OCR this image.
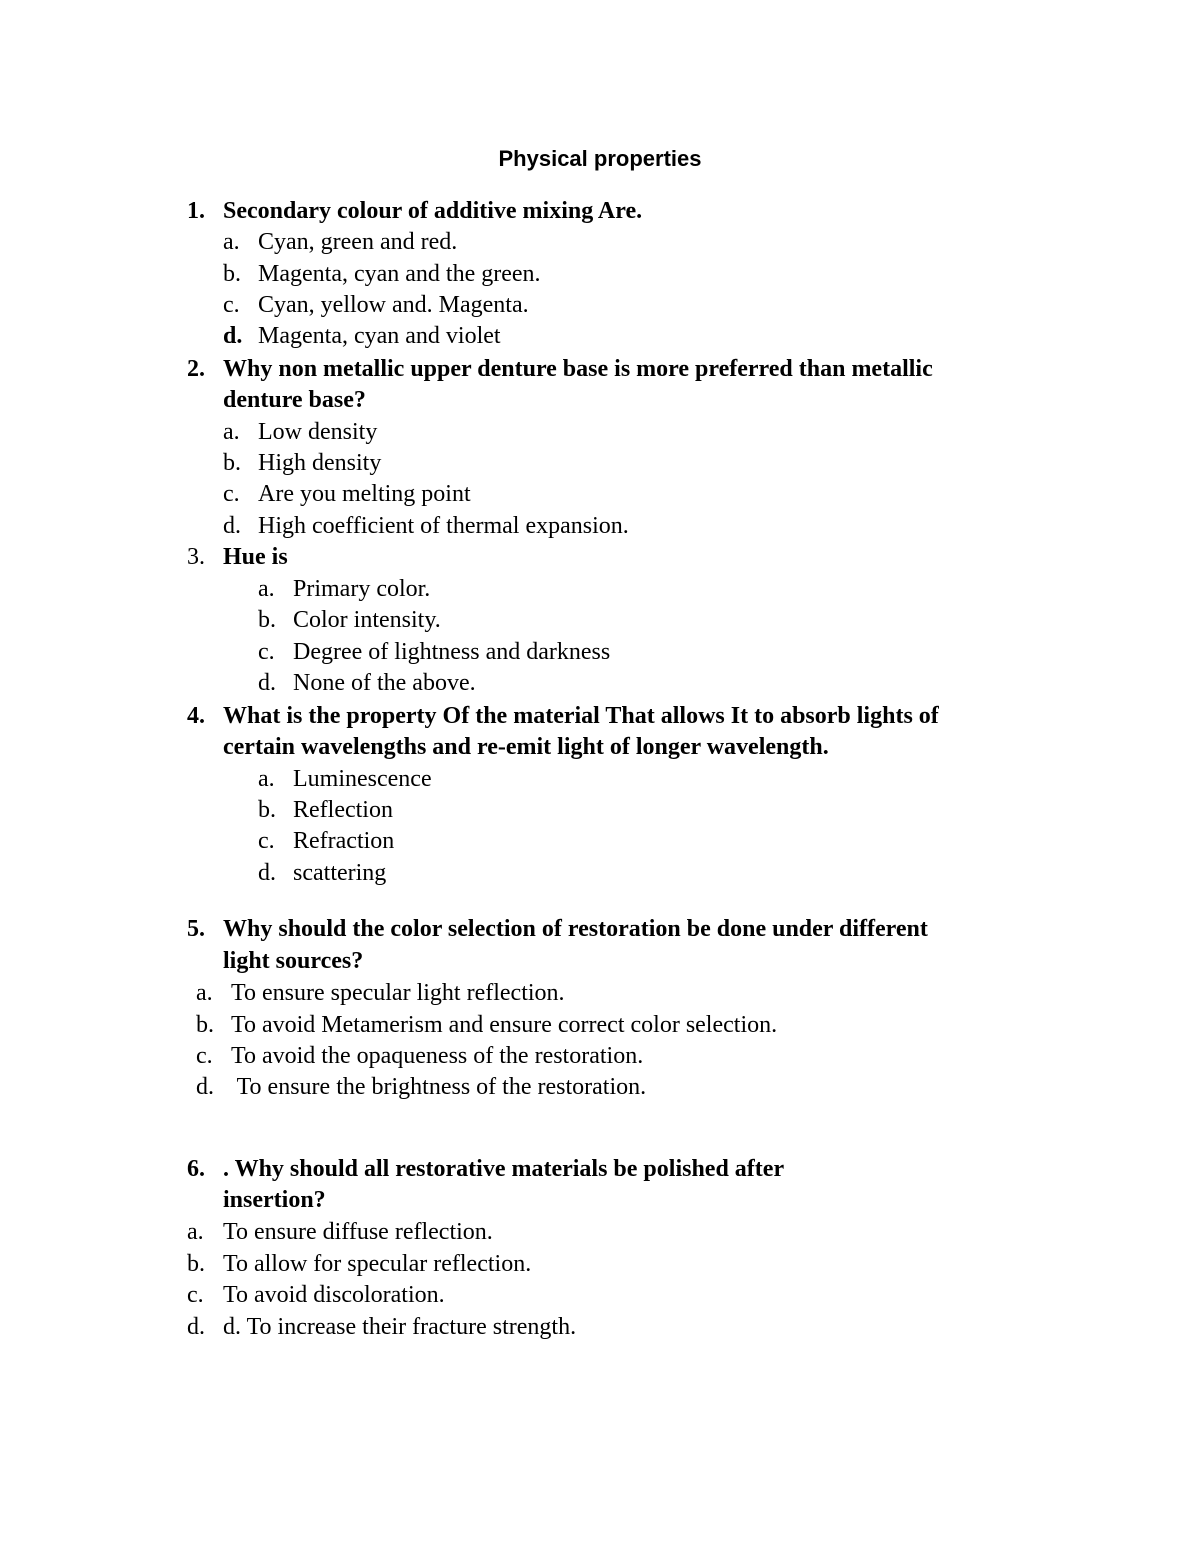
Physical properties
1. Secondary colour of additive mixing Are.
a. Cyan, green and red.
b. Magenta, cyan and the green.
c. Cyan, yellow and. Magenta.
d. Magenta, cyan and violet
2. Why non metallic upper denture base is more preferred than metallic
denture base?
a. Low density
b. High density
c. Are you melting point
d. High coefficient of thermal expansion.
3. Hue is
a. Primary color.
b. Color intensity.
c. Degree of lightness and darkness
d. None of the above.
4. What is the property Of the material That allows It to absorb lights of
certain wavelengths and re-emit light of longer wavelength.
a. Luminescence
b. Reflection
c. Refraction
d. scattering
5. Why should the color selection of restoration be done under different
light sources?
a. To ensure specular light reflection.
b. To avoid Metamerism and ensure correct color selection.
c. To avoid the opaqueness of the restoration.
d. To ensure the brightness of the restoration.
6. . Why should all restorative materials be polished after
insertion?
a. To ensure diffuse reflection.
b. To allow for specular reflection.
c. To avoid discoloration.
d. d. To increase their fracture strength.
